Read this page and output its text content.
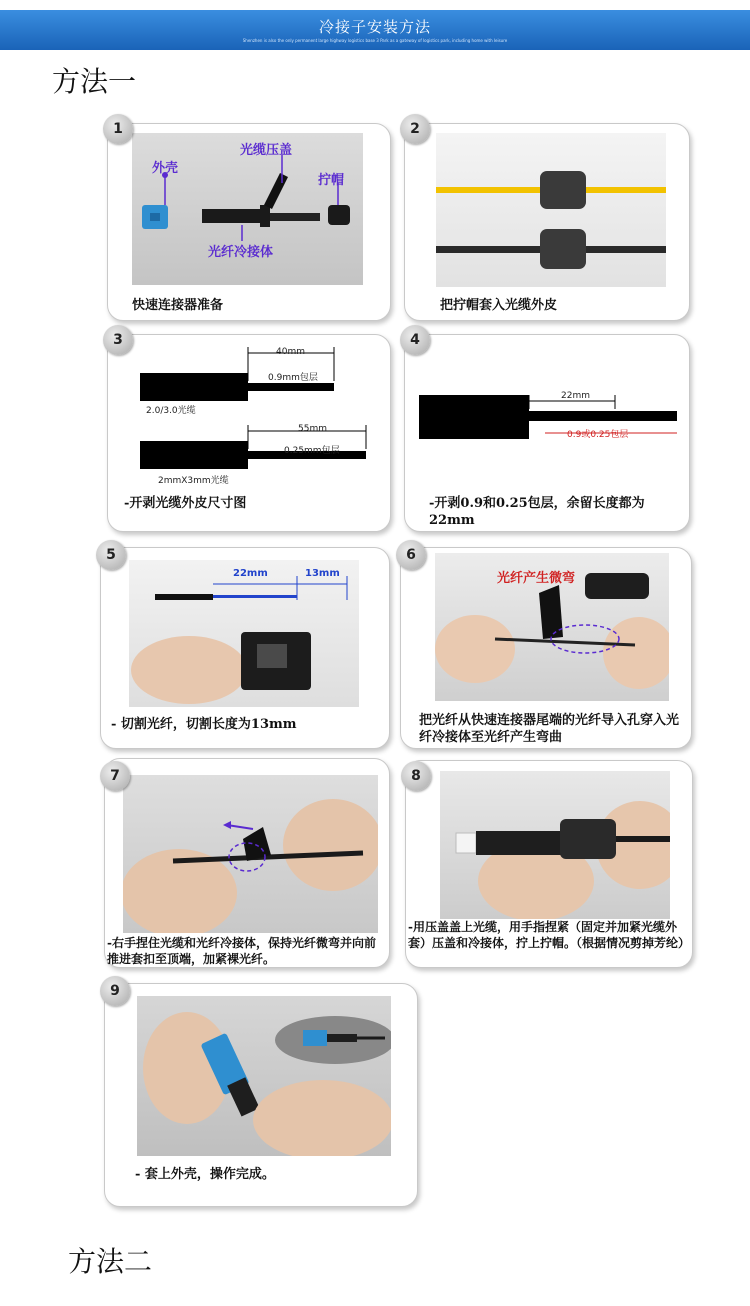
冷接子安装方法
Shenzhen is also the only permanent large highway logistics base 3 Park as a gateway of logistics park, including home with leisure
方法一
外壳
光缆压盖
拧帽
光纤冷接体
1
快速连接器准备
2
把拧帽套入光缆外皮
40mm
0.9mm包层
2.0/3.0光缆
55mm
0.25mm包层
2mmX3mm光缆
3
-开剥光缆外皮尺寸图
22mm
0.9或0.25包层
4
-开剥0.9和0.25包层，余留长度都为22mm
22mm	13mm
5
- 切割光纤，切割长度为13mm
光纤产生微弯
6
把光纤从快速连接器尾端的光纤导入孔穿入光纤冷接体至光纤产生弯曲
7
-右手捏住光缆和光纤冷接体，保持光纤微弯并向前推进套扣至顶端，加紧裸光纤。
8
-用压盖盖上光缆，用手指捏紧（固定并加紧光缆外套）压盖和冷接体，拧上拧帽。（根据情况剪掉芳纶）
9
- 套上外壳，操作完成。
方法二
